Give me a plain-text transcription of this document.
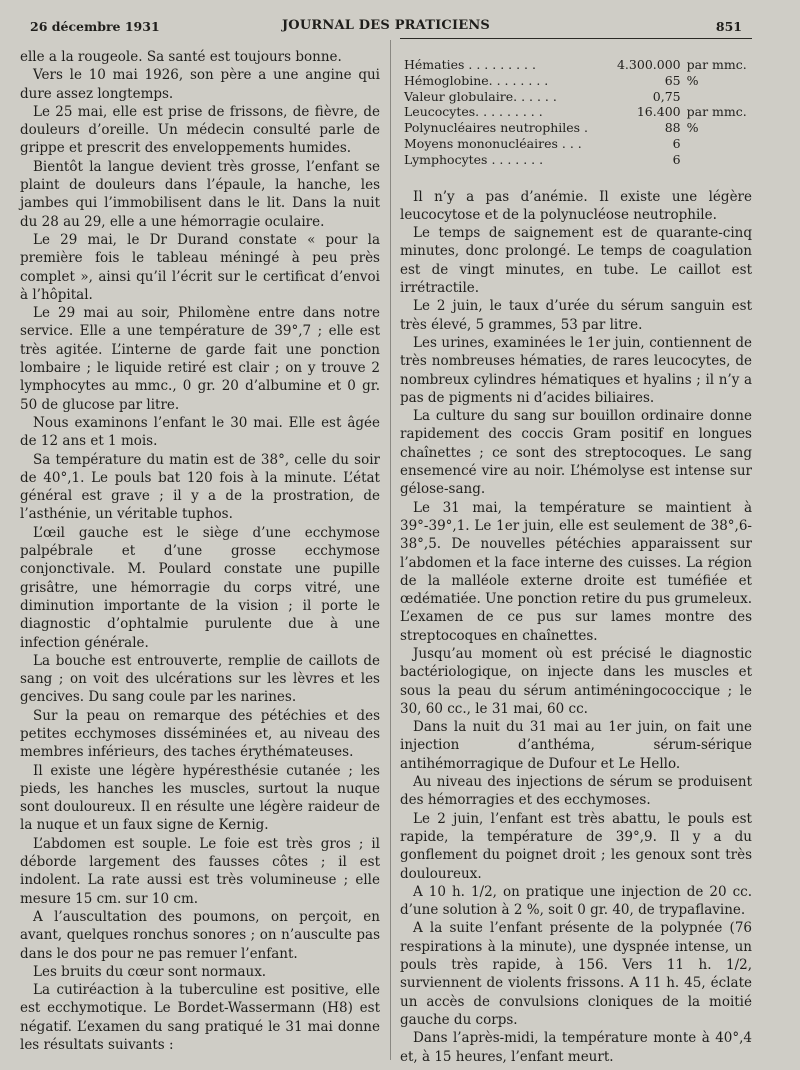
26 décembre 1931	JOURNAL DES PRATICIENS	851

elle a la rougeole. Sa santé est toujours bonne.

Vers le 10 mai 1926, son père a une angine qui dure assez longtemps.

Le 25 mai, elle est prise de frissons, de fièvre, de douleurs d’oreille. Un médecin consulté parle de grippe et prescrit des enveloppements humides.

Bientôt la langue devient très grosse, l’enfant se plaint de douleurs dans l’épaule, la hanche, les jambes qui l’immobilisent dans le lit. Dans la nuit du 28 au 29, elle a une hémorragie oculaire.

Le 29 mai, le Dr Durand constate « pour la première fois le tableau méningé à peu près complet », ainsi qu’il l’écrit sur le certificat d’envoi à l’hôpital.

Le 29 mai au soir, Philomène entre dans notre service. Elle a une température de 39°,7 ; elle est très agitée. L’interne de garde fait une ponction lombaire ; le liquide retiré est clair ; on y trouve 2 lymphocytes au mmc., 0 gr. 20 d’albumine et 0 gr. 50 de glucose par litre.

Nous examinons l’enfant le 30 mai. Elle est âgée de 12 ans et 1 mois.

Sa température du matin est de 38°, celle du soir de 40°,1. Le pouls bat 120 fois à la minute. L’état général est grave ; il y a de la prostration, de l’asthénie, un véritable tuphos.

L’œil gauche est le siège d’une ecchymose palpébrale et d’une grosse ecchymose conjonctivale. M. Poulard constate une pupille grisâtre, une hémorragie du corps vitré, une diminution importante de la vision ; il porte le diagnostic d’ophtalmie purulente due à une infection générale.

La bouche est entrouverte, remplie de caillots de sang ; on voit des ulcérations sur les lèvres et les gencives. Du sang coule par les narines.

Sur la peau on remarque des pétéchies et des petites ecchymoses disséminées et, au niveau des membres inférieurs, des taches érythémateuses.

Il existe une légère hypéresthésie cutanée ; les pieds, les hanches les muscles, surtout la nuque sont douloureux. Il en résulte une légère raideur de la nuque et un faux signe de Kernig.

L’abdomen est souple. Le foie est très gros ; il déborde largement des fausses côtes ; il est indolent. La rate aussi est très volumineuse ; elle mesure 15 cm. sur 10 cm.

A l’auscultation des poumons, on perçoit, en avant, quelques ronchus sonores ; on n’ausculte pas dans le dos pour ne pas remuer l’enfant.

Les bruits du cœur sont normaux.

La cutiréaction à la tuberculine est positive, elle est ecchymotique. Le Bordet-Wassermann (H8) est négatif. L’examen du sang pratiqué le 31 mai donne les résultats suivants :

Hématies . . . . . . . . .	4.300.000	par mmc.
Hémoglobine. . . . . . . .	65	%
Valeur globulaire. . . . . .	0,75	
Leucocytes. . . . . . . . .	16.400	par mmc.
Polynucléaires neutrophiles .	88	%
Moyens mononucléaires . . .	6	
Lymphocytes . . . . . . .	6	

Il n’y a pas d’anémie. Il existe une légère leucocytose et de la polynucléose neutrophile.

Le temps de saignement est de quarante-cinq minutes, donc prolongé. Le temps de coagulation est de vingt minutes, en tube. Le caillot est irrétractile.

Le 2 juin, le taux d’urée du sérum sanguin est très élevé, 5 grammes, 53 par litre.

Les urines, examinées le 1er juin, contiennent de très nombreuses hématies, de rares leucocytes, de nombreux cylindres hématiques et hyalins ; il n’y a pas de pigments ni d’acides biliaires.

La culture du sang sur bouillon ordinaire donne rapidement des coccis Gram positif en longues chaînettes ; ce sont des streptocoques. Le sang ensemencé vire au noir. L’hémolyse est intense sur gélose-sang.

Le 31 mai, la température se maintient à 39°-39°,1. Le 1er juin, elle est seulement de 38°,6-38°,5. De nouvelles pétéchies apparaissent sur l’abdomen et la face interne des cuisses. La région de la malléole externe droite est tuméfiée et œdématiée. Une ponction retire du pus grumeleux. L’examen de ce pus sur lames montre des streptocoques en chaînettes.

Jusqu’au moment où est précisé le diagnostic bactériologique, on injecte dans les muscles et sous la peau du sérum antiméningococcique ; le 30, 60 cc., le 31 mai, 60 cc.

Dans la nuit du 31 mai au 1er juin, on fait une injection d’anthéma, sérum-sérique antihémorragique de Dufour et Le Hello.

Au niveau des injections de sérum se produisent des hémorragies et des ecchymoses.

Le 2 juin, l’enfant est très abattu, le pouls est rapide, la température de 39°,9. Il y a du gonflement du poignet droit ; les genoux sont très douloureux.

A 10 h. 1/2, on pratique une injection de 20 cc. d’une solution à 2 %, soit 0 gr. 40, de trypaflavine.

A la suite l’enfant présente de la polypnée (76 respirations à la minute), une dyspnée intense, un pouls très rapide, à 156. Vers 11 h. 1/2, surviennent de violents frissons. A 11 h. 45, éclate un accès de convulsions cloniques de la moitié gauche du corps.

Dans l’après-midi, la température monte à 40°,4 et, à 15 heures, l’enfant meurt.
